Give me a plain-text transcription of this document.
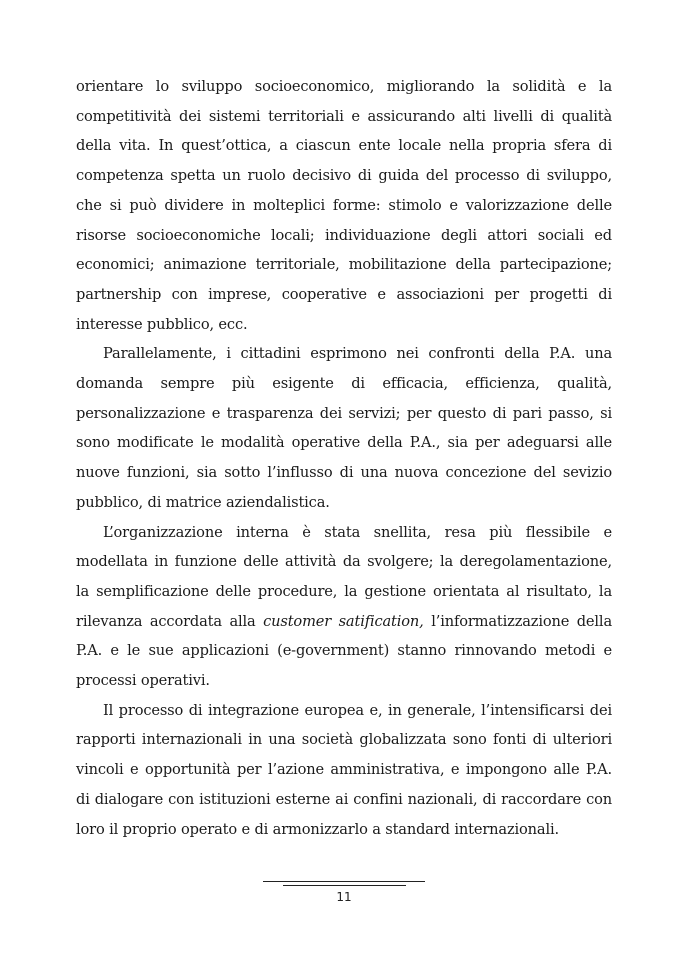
orientare lo sviluppo socioeconomico, migliorando la solidità e la competitività dei sistemi territoriali e assicurando alti livelli di qualità della vita. In quest’ottica, a ciascun ente locale nella propria sfera di competenza spetta un ruolo decisivo di guida del processo di sviluppo, che si può dividere in molteplici forme: stimolo e valorizzazione delle risorse socioeconomiche locali; individuazione degli attori sociali ed economici; animazione territoriale, mobilitazione della partecipazione; partnership con imprese, cooperative e associazioni per progetti di interesse pubblico, ecc.

Parallelamente, i cittadini esprimono nei confronti della P.A. una domanda sempre più esigente di efficacia, efficienza, qualità, personalizzazione e trasparenza dei servizi; per questo di pari passo, si sono modificate le modalità operative della P.A., sia per adeguarsi alle nuove funzioni, sia sotto l’influsso di una nuova concezione del sevizio pubblico, di matrice aziendalistica.

L’organizzazione interna è stata snellita, resa più flessibile e modellata in funzione delle attività da svolgere; la deregolamentazione, la semplificazione delle procedure, la gestione orientata al risultato, la rilevanza accordata alla customer satification, l’informatizzazione della P.A. e le sue applicazioni (e-government) stanno rinnovando metodi e processi operativi.

Il processo di integrazione europea e, in generale, l’intensificarsi dei rapporti internazionali in una società globalizzata sono fonti di ulteriori vincoli e opportunità per l’azione amministrativa, e impongono alle P.A. di dialogare con istituzioni esterne ai confini nazionali, di raccordare con loro il proprio operato e di armonizzarlo a standard internazionali.

11
